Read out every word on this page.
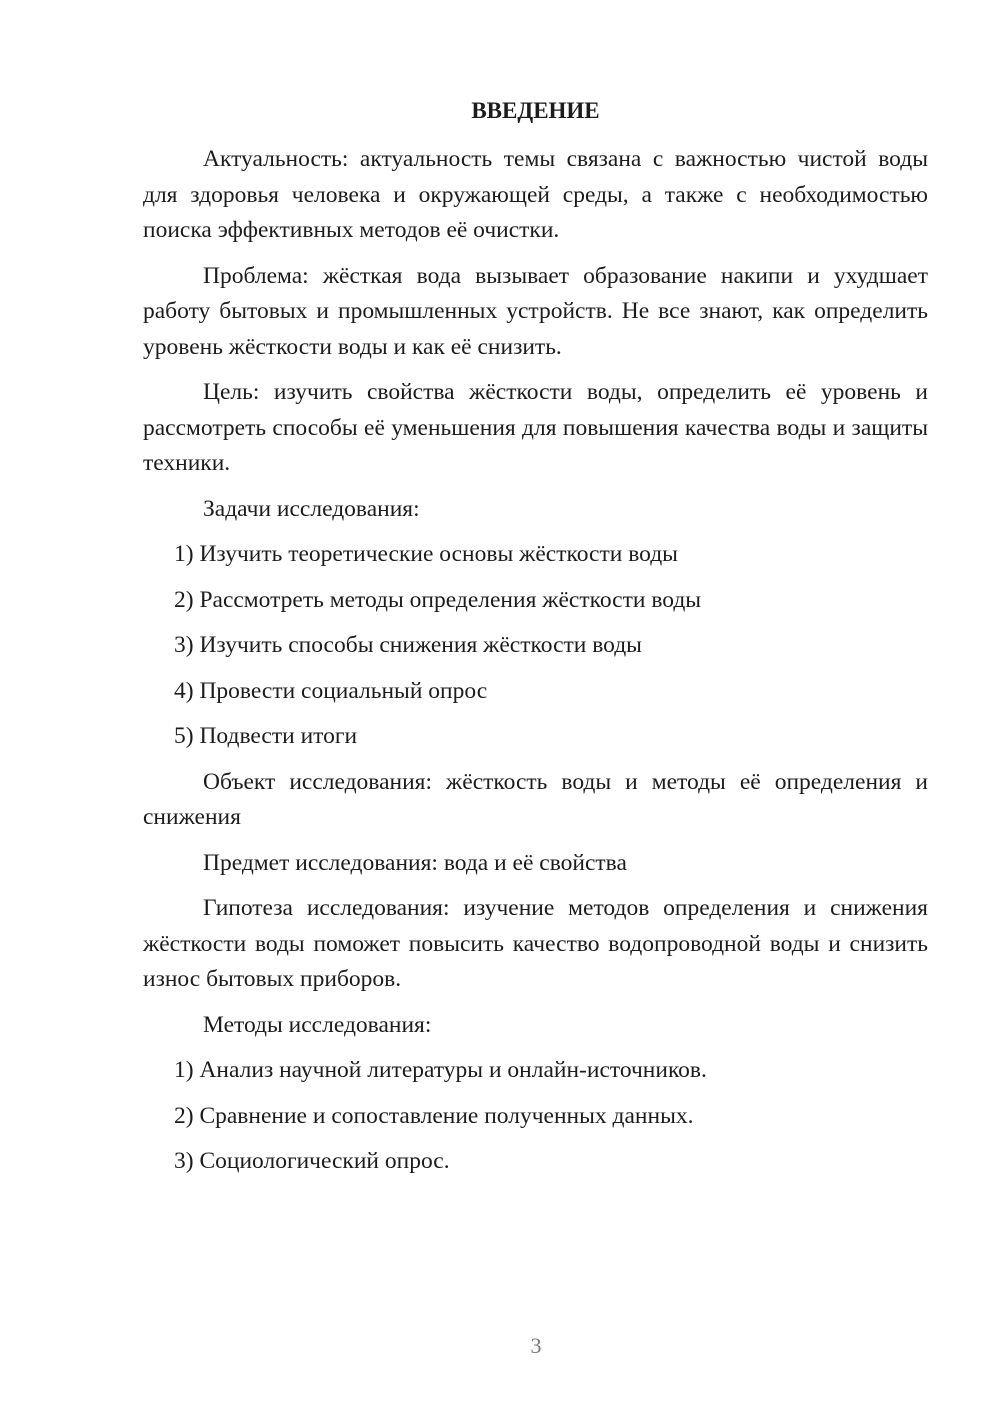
ВВЕДЕНИЕ
Актуальность: актуальность темы связана с важностью чистой воды для здоровья человека и окружающей среды, а также с необходимостью поиска эффективных методов её очистки.
Проблема: жёсткая вода вызывает образование накипи и ухудшает работу бытовых и промышленных устройств. Не все знают, как определить уровень жёсткости воды и как её снизить.
Цель: изучить свойства жёсткости воды, определить её уровень и рассмотреть способы её уменьшения для повышения качества воды и защиты техники.
Задачи исследования:
1) Изучить теоретические основы жёсткости воды
2) Рассмотреть методы определения жёсткости воды
3) Изучить способы снижения жёсткости воды
4) Провести социальный опрос
5) Подвести итоги
Объект исследования: жёсткость воды и методы её определения и снижения
Предмет исследования: вода и её свойства
Гипотеза исследования: изучение методов определения и снижения жёсткости воды поможет повысить качество водопроводной воды и снизить износ бытовых приборов.
Методы исследования:
1) Анализ научной литературы и онлайн-источников.
2) Сравнение и сопоставление полученных данных.
3) Социологический опрос.
3
